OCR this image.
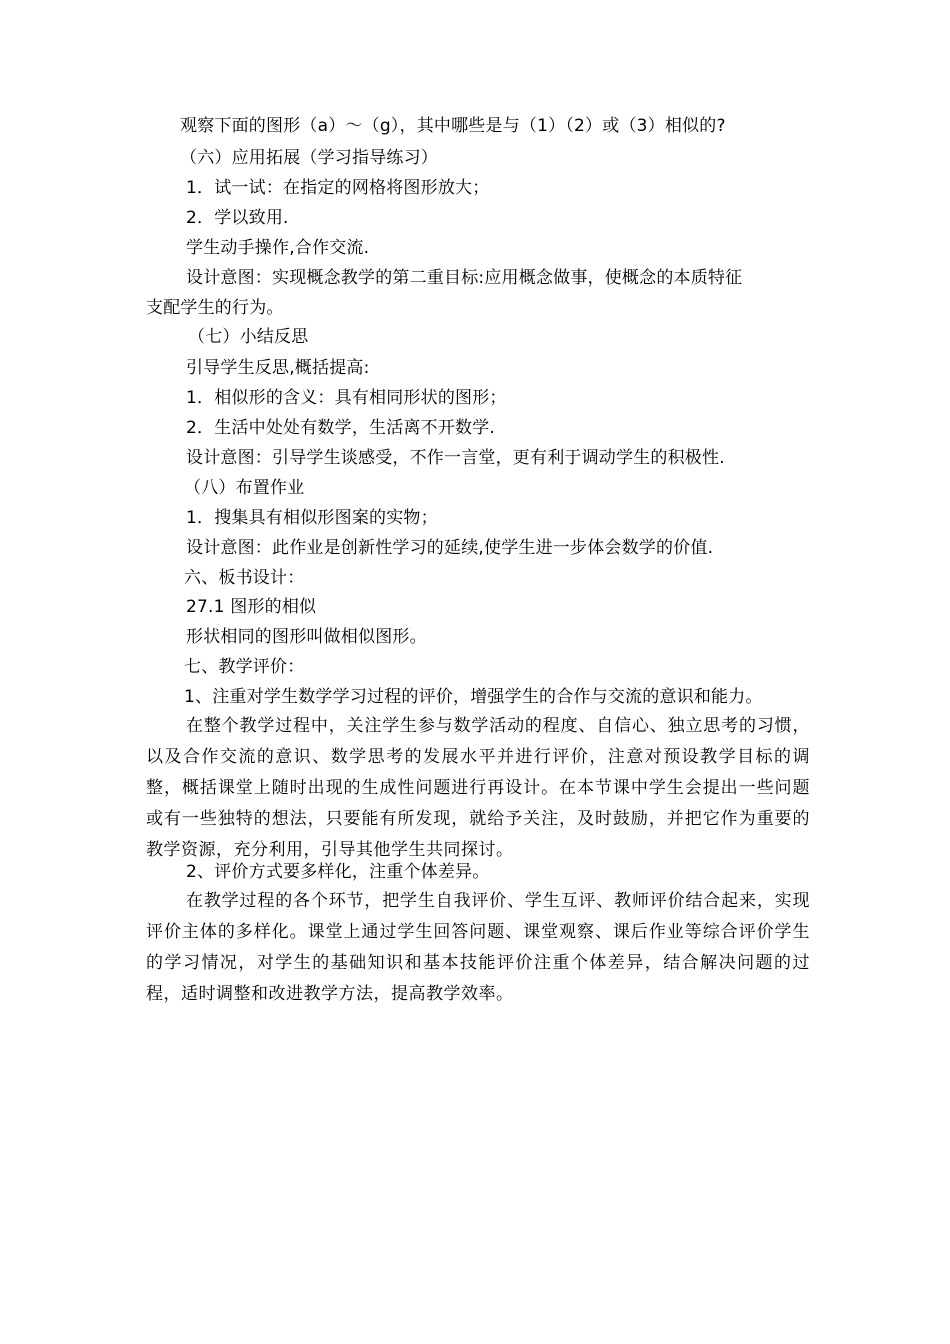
观察下面的图形（a）～（g），其中哪些是与（1）（2）或（3）相似的?
（六）应用拓展（学习指导练习）
1．试一试：在指定的网格将图形放大；
2．学以致用.
学生动手操作,合作交流.
设计意图：实现概念教学的第二重目标:应用概念做事，使概念的本质特征
支配学生的行为。
（七）小结反思
引导学生反思,概括提高:
1．相似形的含义：具有相同形状的图形；
2．生活中处处有数学，生活离不开数学.
设计意图：引导学生谈感受，不作一言堂，更有利于调动学生的积极性.
（八）布置作业
1．搜集具有相似形图案的实物；
设计意图：此作业是创新性学习的延续,使学生进一步体会数学的价值.
六、板书设计：
27.1 图形的相似
形状相同的图形叫做相似图形。
七、教学评价：
1、注重对学生数学学习过程的评价，增强学生的合作与交流的意识和能力。
在整个教学过程中，关注学生参与数学活动的程度、自信心、独立思考的习惯，以及合作交流的意识、数学思考的发展水平并进行评价，注意对预设教学目标的调整，概括课堂上随时出现的生成性问题进行再设计。在本节课中学生会提出一些问题或有一些独特的想法，只要能有所发现，就给予关注，及时鼓励，并把它作为重要的教学资源，充分利用，引导其他学生共同探讨。
2、评价方式要多样化，注重个体差异。
在教学过程的各个环节，把学生自我评价、学生互评、教师评价结合起来，实现评价主体的多样化。课堂上通过学生回答问题、课堂观察、课后作业等综合评价学生的学习情况，对学生的基础知识和基本技能评价注重个体差异，结合解决问题的过程，适时调整和改进教学方法，提高教学效率。
